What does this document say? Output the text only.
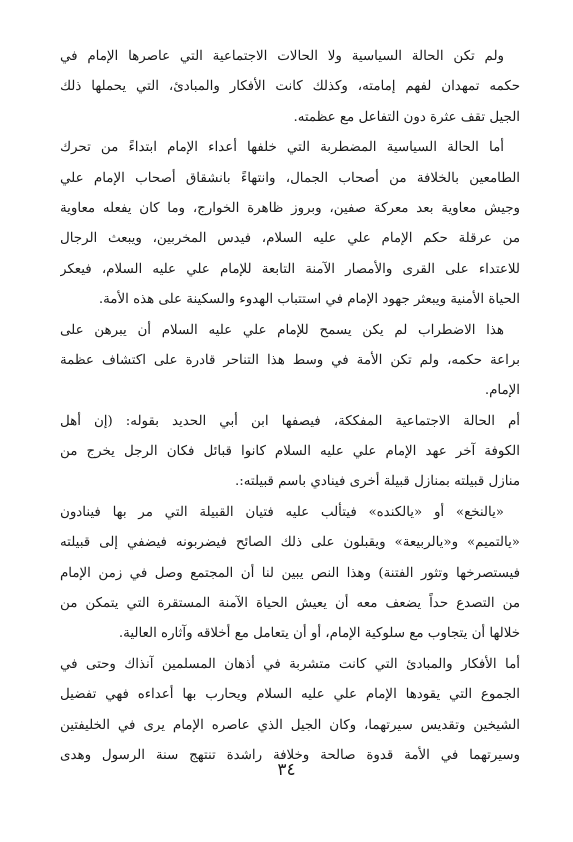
ولم تكن الحالة السياسية ولا الحالات الاجتماعية التي عاصرها الإمام في
حكمه تمهدان لفهم إمامته، وكذلك كانت الأفكار والمبادئ، التي يحملها ذلك
الجيل تقف عثرة دون التفاعل مع عظمته.
أما الحالة السياسية المضطربة التي خلفها أعداء الإمام ابتداءً من تحرك
الطامعين بالخلافة من أصحاب الجمال، وانتهاءً بانشقاق أصحاب الإمام علي
وجيش معاوية بعد معركة صفين، وبروز ظاهرة الخوارج، وما كان يفعله معاوية
من عرقلة حكم الإمام علي عليه السلام، فيدس المخربين، ويبعث الرجال
للاعتداء على القرى والأمصار الآمنة التابعة للإمام علي عليه السلام، فيعكر
الحياة الأمنية ويبعثر جهود الإمام في استتباب الهدوء والسكينة على هذه الأمة.
هذا الاضطراب لم يكن يسمح للإمام علي عليه السلام أن يبرهن على
براعة حكمه، ولم تكن الأمة في وسط هذا التناحر قادرة على اكتشاف عظمة
الإمام.
أم الحالة الاجتماعية المفككة، فيصفها ابن أبي الحديد بقوله: (إن أهل
الكوفة آخر عهد الإمام علي عليه السلام كانوا قبائل فكان الرجل يخرج من
منازل قبيلته بمنازل قبيلة أخرى فينادي باسم قبيلته:.
«يالنخع» أو «يالكنده» فيتألب عليه فتيان القبيلة التي مر بها فينادون
«يالتميم» و«يالربيعة» ويقبلون على ذلك الصائح فيضربونه فيضفي إلى قبيلته
فيستصرخها وتثور الفتنة) وهذا النص يبين لنا أن المجتمع وصل في زمن الإمام
من التصدع حداً يضعف معه أن يعيش الحياة الآمنة المستقرة التي يتمكن من
خلالها أن يتجاوب مع سلوكية الإمام، أو أن يتعامل مع أخلاقه وآثاره العالية.
أما الأفكار والمبادئ التي كانت متشربة في أذهان المسلمين آنذاك وحتى في
الجموع التي يقودها الإمام علي عليه السلام ويحارب بها أعداءه فهي تفضيل
الشيخين وتقديس سيرتهما، وكان الجيل الذي عاصره الإمام يرى في الخليفتين
وسيرتهما في الأمة قدوة صالحة وخلافة راشدة تنتهج سنة الرسول وهدى
٣٤
